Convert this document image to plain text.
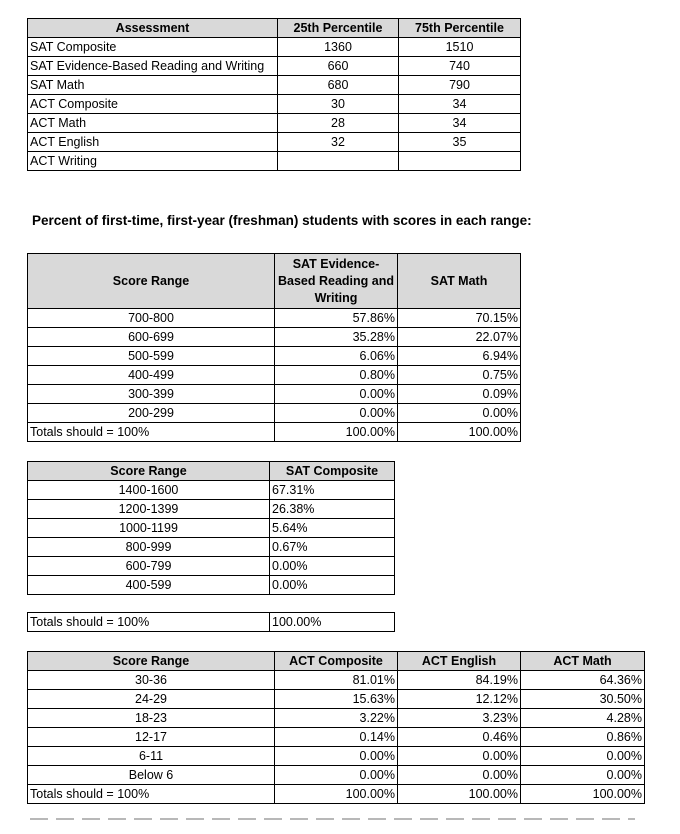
Assessment	25th Percentile	75th Percentile
SAT Composite	1360	1510
SAT Evidence-Based Reading and Writing	660	740
SAT Math	680	790
ACT Composite	30	34
ACT Math	28	34
ACT English	32	35
ACT Writing		

Percent of first-time, first-year (freshman) students with scores in each range:

Score Range	SAT Evidence-Based Reading and Writing	SAT Math
700-800	57.86%	70.15%
600-699	35.28%	22.07%
500-599	6.06%	6.94%
400-499	0.80%	0.75%
300-399	0.00%	0.09%
200-299	0.00%	0.00%
Totals should = 100%	100.00%	100.00%
Score Range	SAT Composite
1400-1600	67.31%
1200-1399	26.38%
1000-1199	5.64%
800-999	0.67%
600-799	0.00%
400-599	0.00%
Totals should = 100%	100.00%
Score Range	ACT Composite	ACT English	ACT Math
30-36	81.01%	84.19%	64.36%
24-29	15.63%	12.12%	30.50%
18-23	3.22%	3.23%	4.28%
12-17	0.14%	0.46%	0.86%
6-11	0.00%	0.00%	0.00%
Below 6	0.00%	0.00%	0.00%
Totals should = 100%	100.00%	100.00%	100.00%
